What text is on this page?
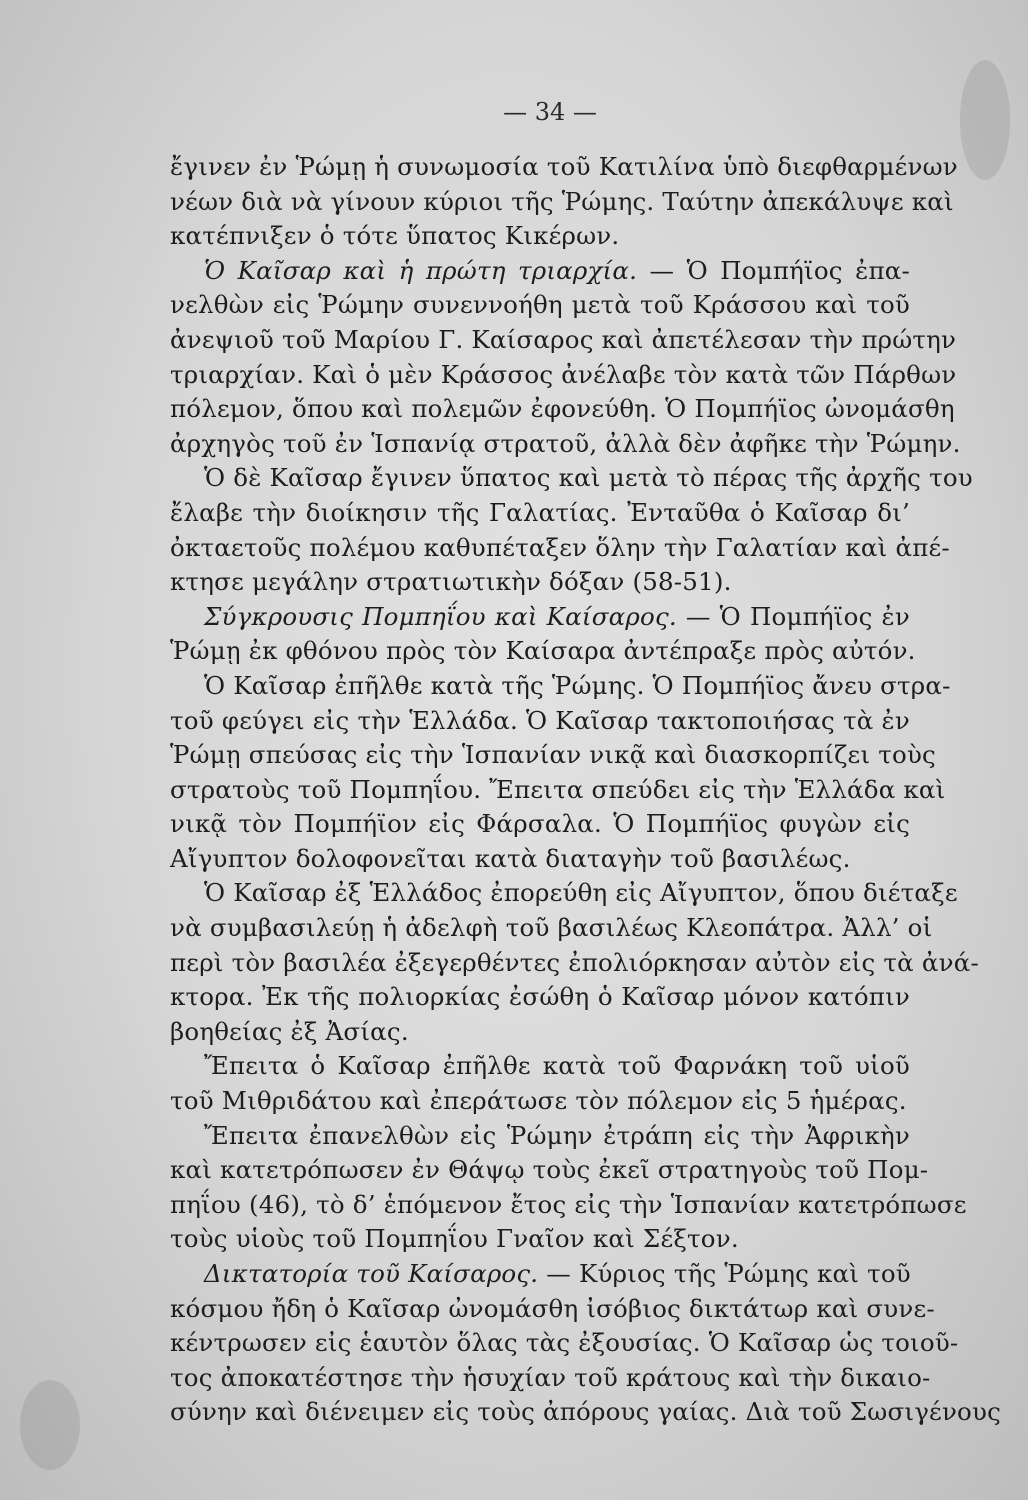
— 34 —
ἔγινεν ἐν Ῥώμῃ ἡ συνωμοσία τοῦ Κατιλίνα ὑπὸ διεφθαρμένων
νέων διὰ νὰ γίνουν κύριοι τῆς Ῥώμης. Ταύτην ἀπεκάλυψε καὶ
κατέπνιξεν ὁ τότε ὕπατος Κικέρων.
Ὁ Καῖσαρ καὶ ἡ πρώτη τριαρχία. — Ὁ Πομπήϊος ἐπα-
νελθὼν εἰς Ῥώμην συνεννοήθη μετὰ τοῦ Κράσσου καὶ τοῦ
ἀνεψιοῦ τοῦ Μαρίου Γ. Καίσαρος καὶ ἀπετέλεσαν τὴν πρώτην
τριαρχίαν. Καὶ ὁ μὲν Κράσσος ἀνέλαβε τὸν κατὰ τῶν Πάρθων
πόλεμον, ὅπου καὶ πολεμῶν ἐφονεύθη. Ὁ Πομπήϊος ὠνομάσθη
ἀρχηγὸς τοῦ ἐν Ἱσπανίᾳ στρατοῦ, ἀλλὰ δὲν ἀφῆκε τὴν Ῥώμην.
Ὁ δὲ Καῖσαρ ἔγινεν ὕπατος καὶ μετὰ τὸ πέρας τῆς ἀρχῆς του
ἔλαβε τὴν διοίκησιν τῆς Γαλατίας. Ἐνταῦθα ὁ Καῖσαρ δι’
ὀκταετοῦς πολέμου καθυπέταξεν ὅλην τὴν Γαλατίαν καὶ ἀπέ-
κτησε μεγάλην στρατιωτικὴν δόξαν (58-51).
Σύγκρουσις Πομπηΐου καὶ Καίσαρος. — Ὁ Πομπήϊος ἐν
Ῥώμῃ ἐκ φθόνου πρὸς τὸν Καίσαρα ἀντέπραξε πρὸς αὐτόν.
Ὁ Καῖσαρ ἐπῆλθε κατὰ τῆς Ῥώμης. Ὁ Πομπήϊος ἄνευ στρα-
τοῦ φεύγει εἰς τὴν Ἑλλάδα. Ὁ Καῖσαρ τακτοποιήσας τὰ ἐν
Ῥώμῃ σπεύσας εἰς τὴν Ἱσπανίαν νικᾷ καὶ διασκορπίζει τοὺς
στρατοὺς τοῦ Πομπηΐου. Ἔπειτα σπεύδει εἰς τὴν Ἑλλάδα καὶ
νικᾷ τὸν Πομπήϊον εἰς Φάρσαλα. Ὁ Πομπήϊος φυγὼν εἰς
Αἴγυπτον δολοφονεῖται κατὰ διαταγὴν τοῦ βασιλέως.
Ὁ Καῖσαρ ἐξ Ἑλλάδος ἐπορεύθη εἰς Αἴγυπτον, ὅπου διέταξε
νὰ συμβασιλεύῃ ἡ ἀδελφὴ τοῦ βασιλέως Κλεοπάτρα. Ἀλλ’ οἱ
περὶ τὸν βασιλέα ἐξεγερθέντες ἐπολιόρκησαν αὐτὸν εἰς τὰ ἀνά-
κτορα. Ἐκ τῆς πολιορκίας ἐσώθη ὁ Καῖσαρ μόνον κατόπιν
βοηθείας ἐξ Ἀσίας.
Ἔπειτα ὁ Καῖσαρ ἐπῆλθε κατὰ τοῦ Φαρνάκη τοῦ υἱοῦ
τοῦ Μιθριδάτου καὶ ἐπεράτωσε τὸν πόλεμον εἰς 5 ἡμέρας.
Ἔπειτα ἐπανελθὼν εἰς Ῥώμην ἐτράπη εἰς τὴν Ἀφρικὴν
καὶ κατετρόπωσεν ἐν Θάψῳ τοὺς ἐκεῖ στρατηγοὺς τοῦ Πομ-
πηΐου (46), τὸ δ’ ἑπόμενον ἔτος εἰς τὴν Ἱσπανίαν κατετρόπωσε
τοὺς υἱοὺς τοῦ Πομπηΐου Γναῖον καὶ Σέξτον.
Δικτατορία τοῦ Καίσαρος. — Κύριος τῆς Ῥώμης καὶ τοῦ
κόσμου ἤδη ὁ Καῖσαρ ὠνομάσθη ἰσόβιος δικτάτωρ καὶ συνε-
κέντρωσεν εἰς ἑαυτὸν ὅλας τὰς ἐξουσίας. Ὁ Καῖσαρ ὡς τοιοῦ-
τος ἀποκατέστησε τὴν ἡσυχίαν τοῦ κράτους καὶ τὴν δικαιο-
σύνην καὶ διένειμεν εἰς τοὺς ἀπόρους γαίας. Διὰ τοῦ Σωσιγένους
